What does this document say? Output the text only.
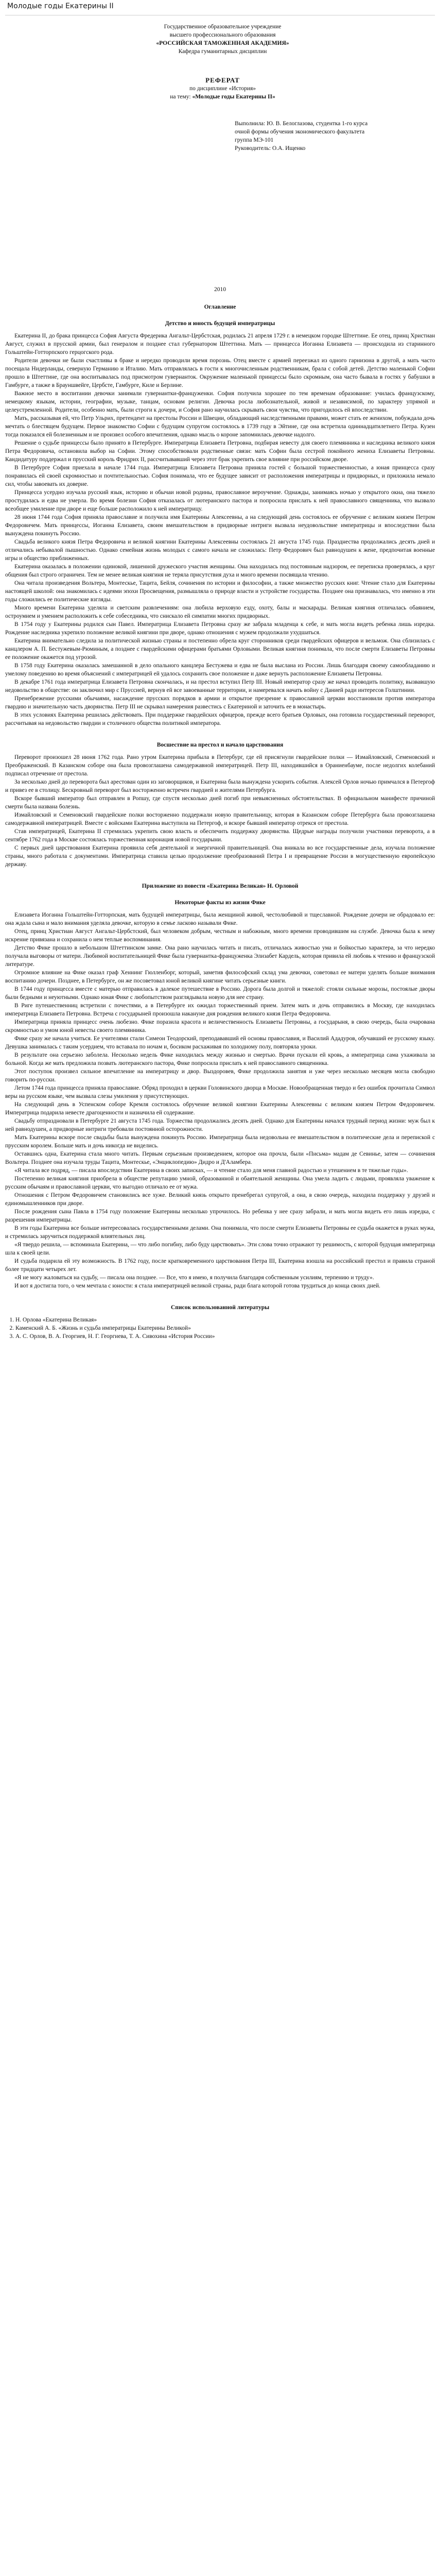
Молодые годы Екатерины II
Государственное образовательное учреждение
высшего профессионального образования
«РОССИЙСКАЯ ТАМОЖЕННАЯ АКАДЕМИЯ»
Кафедра гуманитарных дисциплин
РЕФЕРАТ
по дисциплине «История»
на тему: «Молодые годы Екатерины II»
Выполнила: Ю. В. Белоглазова, студентка 1-го курса
очной формы обучения экономического факультета
группа МЭ-101
Руководитель: О.А. Ищенко
2010
Оглавление
Детство и юность будущей императрицы

Екатерина II, до брака принцесса София Августа Фредерика Ангальт-Цербстская, родилась 21 апреля 1729 г. в немецком городке Штеттине. Ее отец, принц Христиан Август, служил в прусской армии, был генералом и позднее стал губернатором Штеттина. Мать — принцесса Иоганна Елизавета — происходила из старинного Гольштейн-Готторпского герцогского рода.

Родители девочки не были счастливы в браке и нередко проводили время порознь. Отец вместе с армией переезжал из одного гарнизона в другой, а мать часто посещала Нидерланды, северную Германию и Италию. Мать отправлялась в гости к многочисленным родственникам, брала с собой детей. Детство маленькой Софии прошло в Штеттине, где она воспитывалась под присмотром гувернанток. Окружение маленькой принцессы было скромным, она часто бывала в гостях у бабушки в Гамбурге, а также в Брауншвейге, Цербсте, Гамбурге, Киле и Берлине.

Важное место в воспитании девочки занимали гувернантки-француженки. София получила хорошее по тем временам образование: училась французскому, немецкому языкам, истории, географии, музыке, танцам, основам религии. Девочка росла любознательной, живой и независимой, по характеру упрямой и целеустремленной. Родители, особенно мать, были строги к дочери, и София рано научилась скрывать свои чувства, что пригодилось ей впоследствии.

Мать, рассказывая ей, что Петр Ульрих, претендент на престолы России и Швеции, обладающий наследственными правами, может стать ее женихом, побуждала дочь мечтать о блестящем будущем. Первое знакомство Софии с будущим супругом состоялось в 1739 году в Эйтине, где она встретила одиннадцатилетнего Петра. Кузен тогда показался ей болезненным и не произвел особого впечатления, однако мысль о короне запомнилась девочке надолго.

Решение о судьбе принцессы было принято в Петербурге. Императрица Елизавета Петровна, подбирая невесту для своего племянника и наследника великого князя Петра Федоровича, остановила выбор на Софии. Этому способствовали родственные связи: мать Софии была сестрой покойного жениха Елизаветы Петровны. Кандидатуру поддержал и прусский король Фридрих II, рассчитывавший через этот брак укрепить свое влияние при российском дворе.

В Петербурге София приехала в начале 1744 года. Императрица Елизавета Петровна приняла гостей с большой торжественностью, а юная принцесса сразу понравилась ей своей скромностью и почтительностью. София понимала, что ее будущее зависит от расположения императрицы и придворных, и приложила немало сил, чтобы завоевать их доверие.

Принцесса усердно изучала русский язык, историю и обычаи новой родины, православное вероучение. Однажды, занимаясь ночью у открытого окна, она тяжело простудилась и едва не умерла. Во время болезни София отказалась от лютеранского пастора и попросила прислать к ней православного священника, что вызвало всеобщее умиление при дворе и еще больше расположило к ней императрицу.

28 июня 1744 года София приняла православие и получила имя Екатерины Алексеевны, а на следующий день состоялось ее обручение с великим князем Петром Федоровичем. Мать принцессы, Иоганна Елизавета, своим вмешательством в придворные интриги вызвала неудовольствие императрицы и впоследствии была вынуждена покинуть Россию.

Свадьба великого князя Петра Федоровича и великой княгини Екатерины Алексеевны состоялась 21 августа 1745 года. Празднества продолжались десять дней и отличались небывалой пышностью. Однако семейная жизнь молодых с самого начала не сложилась: Петр Федорович был равнодушен к жене, предпочитая военные игры и общество приближенных.

Екатерина оказалась в положении одинокой, лишенной дружеского участия женщины. Она находилась под постоянным надзором, ее переписка проверялась, а круг общения был строго ограничен. Тем не менее великая княгиня не теряла присутствия духа и много времени посвящала чтению.

Она читала произведения Вольтера, Монтескье, Тацита, Бейля, сочинения по истории и философии, а также множество русских книг. Чтение стало для Екатерины настоящей школой: она знакомилась с идеями эпохи Просвещения, размышляла о природе власти и устройстве государства. Позднее она признавалась, что именно в эти годы сложились ее политические взгляды.

Много времени Екатерина уделяла и светским развлечениям: она любила верховую езду, охоту, балы и маскарады. Великая княгиня отличалась обаянием, остроумием и умением расположить к себе собеседника, что снискало ей симпатии многих придворных.

В 1754 году у Екатерины родился сын Павел. Императрица Елизавета Петровна сразу же забрала младенца к себе, и мать могла видеть ребенка лишь изредка. Рождение наследника укрепило положение великой княгини при дворе, однако отношения с мужем продолжали ухудшаться.

Екатерина внимательно следила за политической жизнью страны и постепенно обрела круг сторонников среди гвардейских офицеров и вельмож. Она сблизилась с канцлером А. П. Бестужевым-Рюминым, а позднее с гвардейскими офицерами братьями Орловыми. Великая княгиня понимала, что после смерти Елизаветы Петровны ее положение окажется под угрозой.

В 1758 году Екатерина оказалась замешанной в дело опального канцлера Бестужева и едва не была выслана из России. Лишь благодаря своему самообладанию и умелому поведению во время объяснений с императрицей ей удалось сохранить свое положение и даже вернуть расположение Елизаветы Петровны.

В декабре 1761 года императрица Елизавета Петровна скончалась, и на престол вступил Петр III. Новый император сразу же начал проводить политику, вызвавшую недовольство в обществе: он заключил мир с Пруссией, вернув ей все завоеванные территории, и намеревался начать войну с Данией ради интересов Голштинии.

Пренебрежение русскими обычаями, насаждение прусских порядков в армии и открытое презрение к православной церкви восстановили против императора гвардию и значительную часть дворянства. Петр III не скрывал намерения развестись с Екатериной и заточить ее в монастырь.

В этих условиях Екатерина решилась действовать. При поддержке гвардейских офицеров, прежде всего братьев Орловых, она готовила государственный переворот, рассчитывая на недовольство гвардии и столичного общества политикой императора.

Восшествие на престол и начало царствования

Переворот произошел 28 июня 1762 года. Рано утром Екатерина прибыла в Петербург, где ей присягнули гвардейские полки — Измайловский, Семеновский и Преображенский. В Казанском соборе она была провозглашена самодержавной императрицей. Петр III, находившийся в Ораниенбауме, после недолгих колебаний подписал отречение от престола.

За несколько дней до переворота был арестован один из заговорщиков, и Екатерина была вынуждена ускорить события. Алексей Орлов ночью примчался в Петергоф и привез ее в столицу. Бескровный переворот был восторженно встречен гвардией и жителями Петербурга.

Вскоре бывший император был отправлен в Ропшу, где спустя несколько дней погиб при невыясненных обстоятельствах. В официальном манифесте причиной смерти была названа болезнь.

Измайловский и Семеновский гвардейские полки восторженно поддержали новую правительницу, которая в Казанском соборе Петербурга была провозглашена самодержавной императрицей. Вместе с войсками Екатерина выступила на Петергоф, и вскоре бывший император отрекся от престола.

Став императрицей, Екатерина II стремилась укрепить свою власть и обеспечить поддержку дворянства. Щедрые награды получили участники переворота, а в сентябре 1762 года в Москве состоялась торжественная коронация новой государыни.

С первых дней царствования Екатерина проявила себя деятельной и энергичной правительницей. Она вникала во все государственные дела, изучала положение страны, много работала с документами. Императрица ставила целью продолжение преобразований Петра I и превращение России в могущественную европейскую державу.

Приложение из повести «Екатерина Великая» Н. Орловой
Некоторые факты из жизни Фике

Елизавета Иоганна Гольштейн-Готторпская, мать будущей императрицы, была женщиной живой, честолюбивой и тщеславной. Рождение дочери не обрадовало ее: она ждала сына и мало внимания уделяла девочке, которую в семье ласково называли Фике.

Отец, принц Христиан Август Ангальт-Цербстский, был человеком добрым, честным и набожным, много времени проводившим на службе. Девочка была к нему искренне привязана и сохранила о нем теплые воспоминания.

Детство Фике прошло в небольшом Штеттинском замке. Она рано научилась читать и писать, отличалась живостью ума и бойкостью характера, за что нередко получала выговоры от матери. Любимой воспитательницей Фике была гувернантка-француженка Элизабет Кардель, которая привила ей любовь к чтению и французской литературе.

Огромное влияние на Фике оказал граф Хеннинг Гюлленборг, который, заметив философский склад ума девочки, советовал ее матери уделять больше внимания воспитанию дочери. Позднее, в Петербурге, он же посоветовал юной великой княгине читать серьезные книги.

В 1744 году принцесса вместе с матерью отправилась в далекое путешествие в Россию. Дорога была долгой и тяжелой: стояли сильные морозы, постоялые дворы были бедными и неуютными. Однако юная Фике с любопытством разглядывала новую для нее страну.

В Риге путешественниц встретили с почестями, а в Петербурге их ожидал торжественный прием. Затем мать и дочь отправились в Москву, где находилась императрица Елизавета Петровна. Встреча с государыней произошла накануне дня рождения великого князя Петра Федоровича.

Императрица приняла принцесс очень любезно. Фике поразила красота и величественность Елизаветы Петровны, а государыня, в свою очередь, была очарована скромностью и умом юной невесты своего племянника.

Фике сразу же начала учиться. Ее учителями стали Симеон Теодорский, преподававший ей основы православия, и Василий Ададуров, обучавший ее русскому языку. Девушка занималась с таким усердием, что вставала по ночам и, босиком расхаживая по холодному полу, повторяла уроки.

В результате она серьезно заболела. Несколько недель Фике находилась между жизнью и смертью. Врачи пускали ей кровь, а императрица сама ухаживала за больной. Когда же мать предложила позвать лютеранского пастора, Фике попросила прислать к ней православного священника.

Этот поступок произвел сильное впечатление на императрицу и двор. Выздоровев, Фике продолжила занятия и уже через несколько месяцев могла свободно говорить по-русски.

Летом 1744 года принцесса приняла православие. Обряд проходил в церкви Головинского дворца в Москве. Новообращенная твердо и без ошибок прочитала Символ веры на русском языке, чем вызвала слезы умиления у присутствующих.

На следующий день в Успенском соборе Кремля состоялось обручение великой княгини Екатерины Алексеевны с великим князем Петром Федоровичем. Императрица подарила невесте драгоценности и назначила ей содержание.

Свадьбу отпраздновали в Петербурге 21 августа 1745 года. Торжества продолжались десять дней. Однако для Екатерины начался трудный период жизни: муж был к ней равнодушен, а придворные интриги требовали постоянной осторожности.

Мать Екатерины вскоре после свадьбы была вынуждена покинуть Россию. Императрица была недовольна ее вмешательством в политические дела и перепиской с прусским королем. Больше мать и дочь никогда не виделись.

Оставшись одна, Екатерина стала много читать. Первым серьезным произведением, которое она прочла, были «Письма» мадам де Севинье, затем — сочинения Вольтера. Позднее она изучала труды Тацита, Монтескье, «Энциклопедию» Дидро и Д'Аламбера.

«Я читала все подряд, — писала впоследствии Екатерина в своих записках, — и чтение стало для меня главной радостью и утешением в те тяжелые годы».

Постепенно великая княгиня приобрела в обществе репутацию умной, образованной и обаятельной женщины. Она умела ладить с людьми, проявляла уважение к русским обычаям и православной церкви, что выгодно отличало ее от мужа.

Отношения с Петром Федоровичем становились все хуже. Великий князь открыто пренебрегал супругой, а она, в свою очередь, находила поддержку у друзей и единомышленников при дворе.

После рождения сына Павла в 1754 году положение Екатерины несколько упрочилось. Но ребенка у нее сразу забрали, и мать могла видеть его лишь изредка, с разрешения императрицы.

В эти годы Екатерина все больше интересовалась государственными делами. Она понимала, что после смерти Елизаветы Петровны ее судьба окажется в руках мужа, и стремилась заручиться поддержкой влиятельных лиц.

«Я твердо решила, — вспоминала Екатерина, — что либо погибну, либо буду царствовать». Эти слова точно отражают ту решимость, с которой будущая императрица шла к своей цели.

И судьба подарила ей эту возможность. В 1762 году, после кратковременного царствования Петра III, Екатерина взошла на российский престол и правила страной более тридцати четырех лет.

«Я не могу жаловаться на судьбу, — писала она позднее. — Все, что я имею, я получила благодаря собственным усилиям, терпению и труду».

И вот я достигла того, о чем мечтала с юности: я стала императрицей великой страны, ради блага которой готова трудиться до конца своих дней.

Список использованной литературы
1. Н. Орлова «Екатерина Великая»
2. Каменский А. Б. «Жизнь и судьба императрицы Екатерины Великой»
3. А. С. Орлов, В. А. Георгиев, Н. Г. Георгиева, Т. А. Сивохина «История России»
